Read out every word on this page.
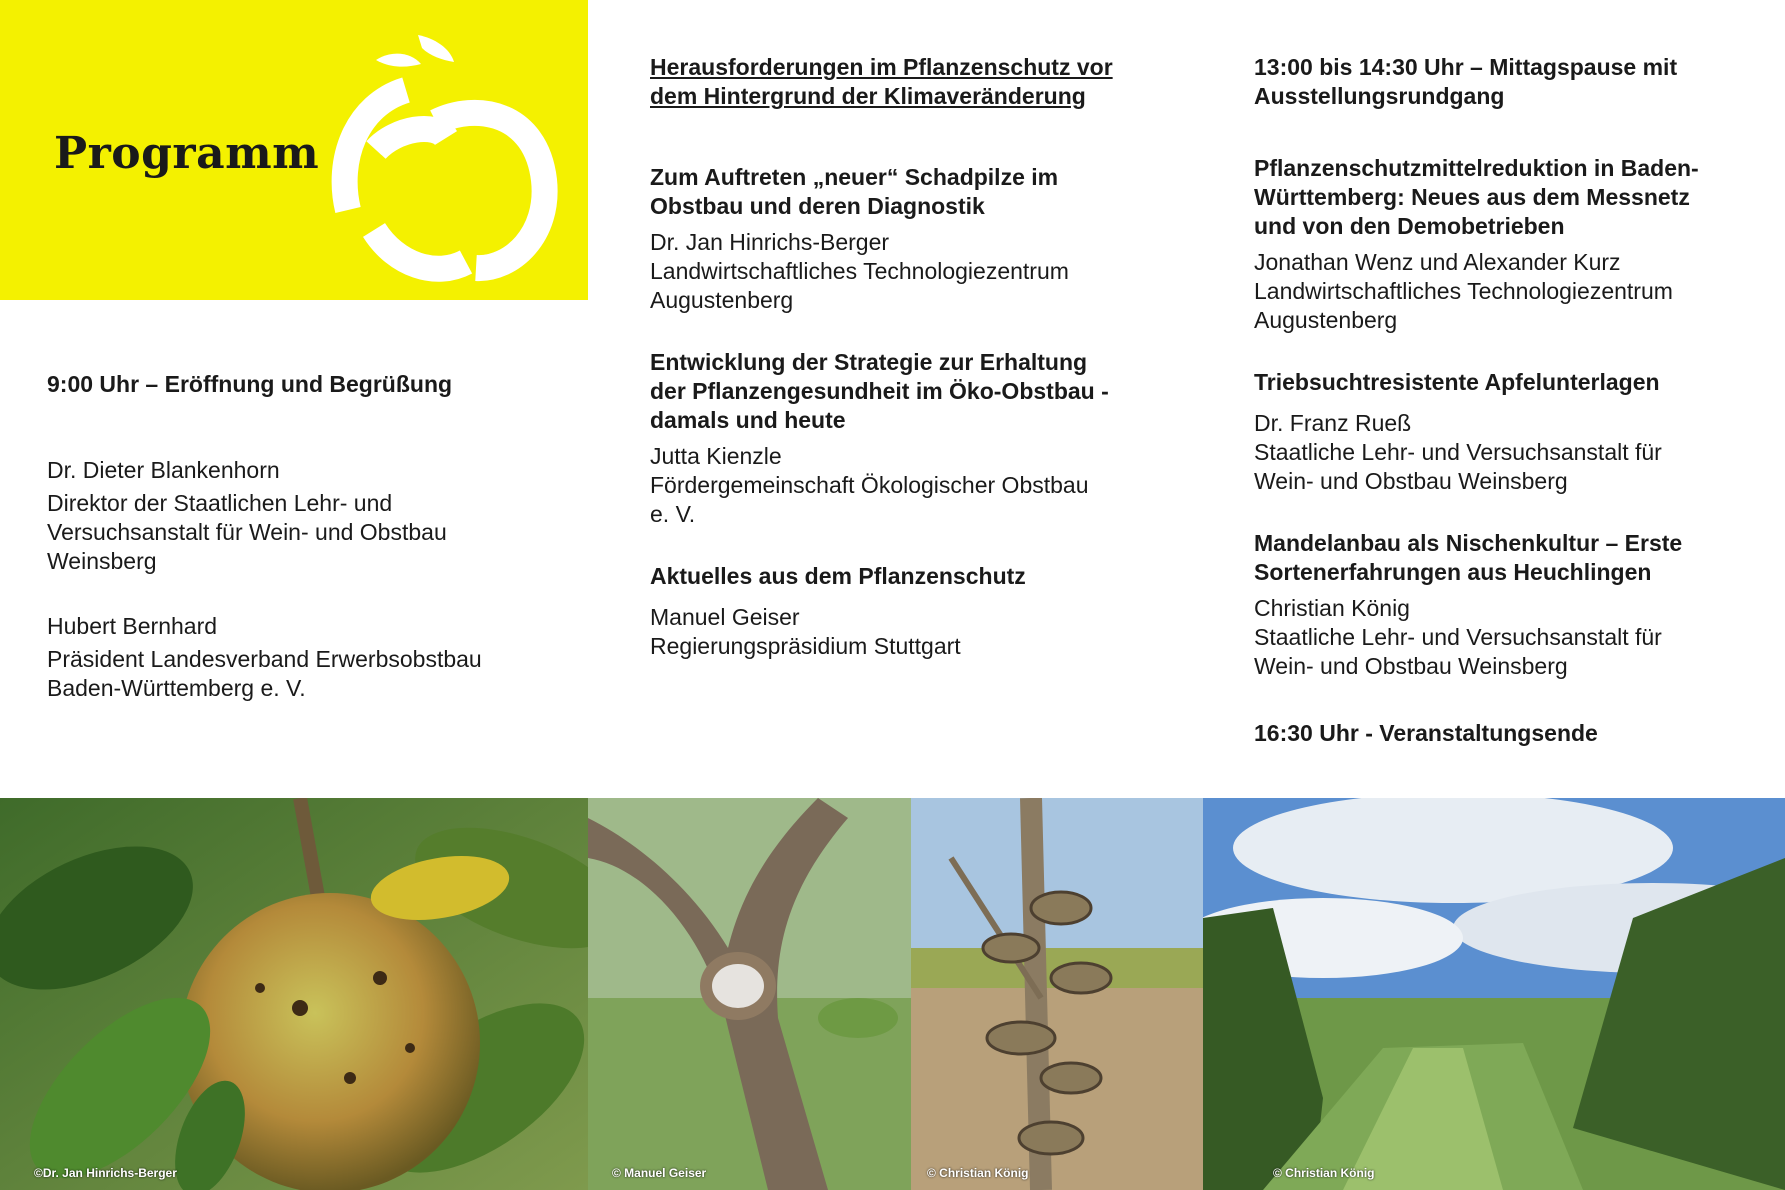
Programm

9:00 Uhr – Eröffnung und Begrüßung

Dr. Dieter Blankenhorn

Direktor der Staatlichen Lehr- und

Versuchsanstalt für Wein- und Obstbau

Weinsberg

Hubert Bernhard

Präsident Landesverband Erwerbsobstbau

Baden-Württemberg e. V.

Herausforderungen im Pflanzenschutz vor

dem Hintergrund der Klimaveränderung

Zum Auftreten „neuer“ Schadpilze im

Obstbau und deren Diagnostik

Dr. Jan Hinrichs-Berger

Landwirtschaftliches Technologiezentrum

Augustenberg

Entwicklung der Strategie zur Erhaltung

der Pflanzengesundheit im Öko-Obstbau -

damals und heute

Jutta Kienzle

Fördergemeinschaft Ökologischer Obstbau

e. V.

Aktuelles aus dem Pflanzenschutz

Manuel Geiser

Regierungspräsidium Stuttgart

13:00 bis 14:30 Uhr – Mittagspause mit

Ausstellungsrundgang

Pflanzenschutzmittelreduktion in Baden-

Württemberg: Neues aus dem Messnetz

und von den Demobetrieben

Jonathan Wenz und Alexander Kurz

Landwirtschaftliches Technologiezentrum

Augustenberg

Triebsuchtresistente Apfelunterlagen

Dr. Franz Rueß

Staatliche Lehr- und Versuchsanstalt für

Wein- und Obstbau Weinsberg

Mandelanbau als Nischenkultur – Erste

Sortenerfahrungen aus Heuchlingen

Christian König

Staatliche Lehr- und Versuchsanstalt für

Wein- und Obstbau Weinsberg

16:30 Uhr - Veranstaltungsende

©Dr. Jan Hinrichs-Berger	© Manuel Geiser	© Christian König	© Christian König
